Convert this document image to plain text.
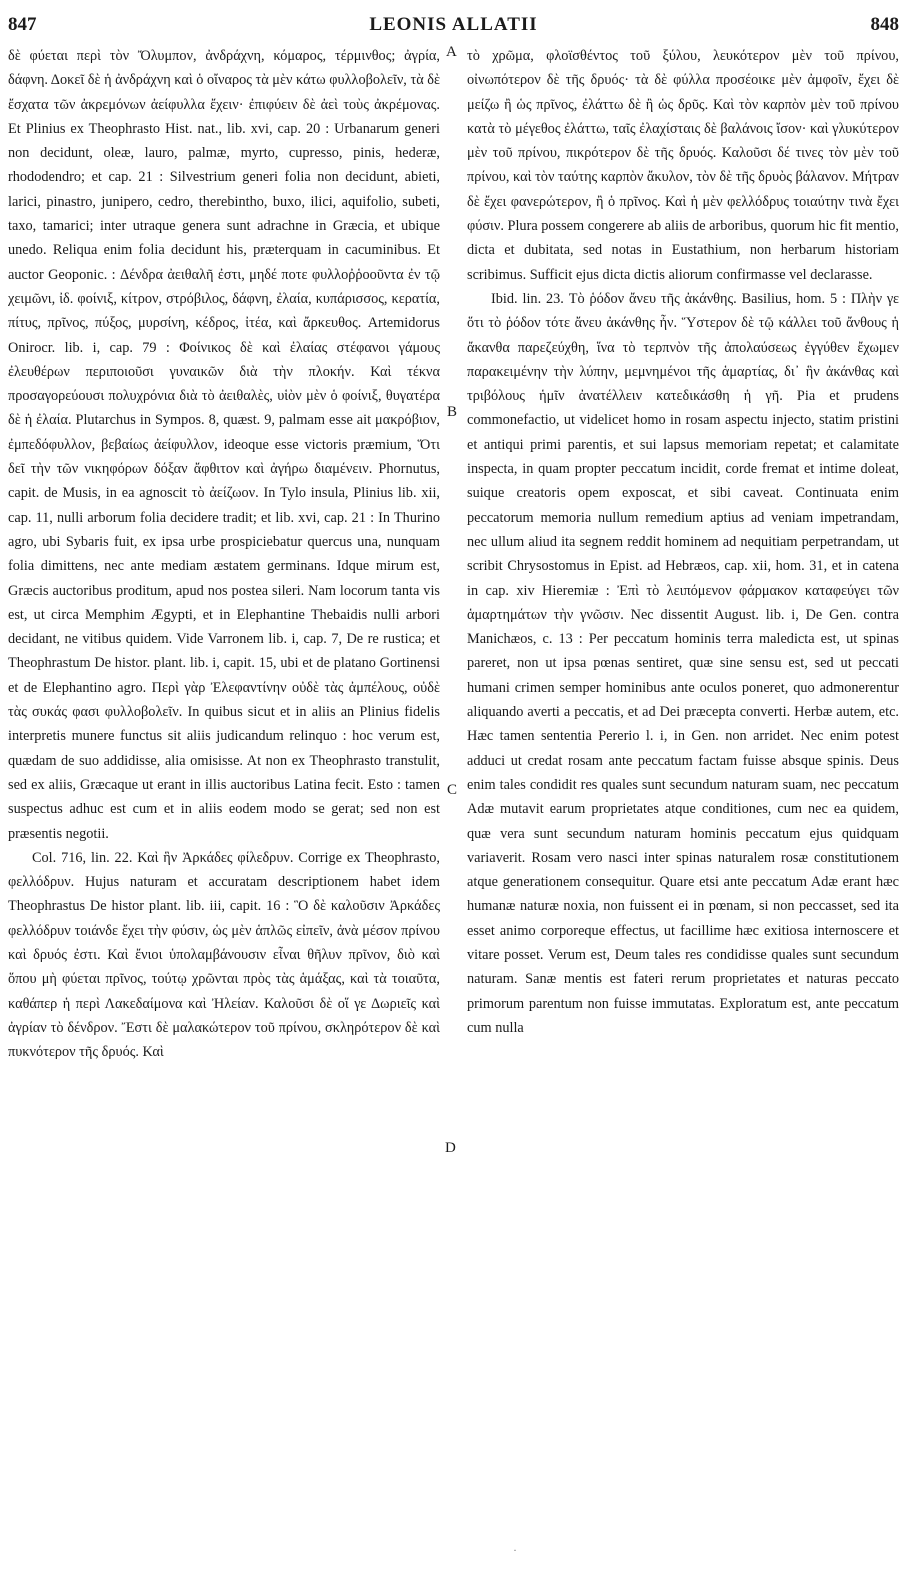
847	LEONIS ALLATII	848

δὲ φύεται περὶ τὸν Ὄλυμπον, ἀνδράχνη, κόμαρος, τέρμινθος; ἀγρία, δάφνη. Δοκεῖ δὲ ἡ ἀνδράχνη καὶ ὁ οἴναρος τὰ μὲν κάτω φυλλοβολεῖν, τὰ δὲ ἔσχατα τῶν ἀκρεμόνων ἀείφυλλα ἔχειν· ἐπιφύειν δὲ ἀεὶ τοὺς ἀκρέμονας. Et Plinius ex Theophrasto Hist. nat., lib. xvi, cap. 20 : Urbanarum generi non decidunt, oleæ, lauro, palmæ, myrto, cupresso, pinis, hederæ, rhododendro; et cap. 21 : Silvestrium generi folia non decidunt, abieti, larici, pinastro, junipero, cedro, therebintho, buxo, ilici, aquifolio, subeti, taxo, tamarici; inter utraque genera sunt adrachne in Græcia, et ubique unedo. Reliqua enim folia decidunt his, præterquam in cacuminibus. Et auctor Geoponic. : Δένδρα ἀειθαλῆ ἐστι, μηδέ ποτε φυλλοῤῥοοῦντα ἐν τῷ χειμῶνι, ἰδ. φοίνιξ, κίτρον, στρόβιλος, δάφνη, ἐλαία, κυπάρισσος, κερατία, πίτυς, πρῖνος, πύξος, μυρσίνη, κέδρος, ἰτέα, καὶ ἄρκευθος. Artemidorus Onirocr. lib. i, cap. 79 : Φοίνικος δὲ καὶ ἐλαίας στέφανοι γάμους ἐλευθέρων περιποιοῦσι γυναικῶν διὰ τὴν πλοκήν. Καὶ τέκνα προσαγορεύουσι πολυχρόνια διὰ τὸ ἀειθαλὲς, υἱὸν μὲν ὁ φοίνιξ, θυγατέρα δὲ ἡ ἐλαία. Plutarchus in Sympos. 8, quæst. 9, palmam esse ait μακρόβιον, ἐμπεδόφυλλον, βεβαίως ἀείφυλλον, ideoque esse victoris præmium, Ὅτι δεῖ τὴν τῶν νικηφόρων δόξαν ἄφθιτον καὶ ἀγήρω διαμένειν. Phornutus, capit. de Musis, in ea agnoscit τὸ ἀείζωον. In Tylo insula, Plinius lib. xii, cap. 11, nulli arborum folia decidere tradit; et lib. xvi, cap. 21 : In Thurino agro, ubi Sybaris fuit, ex ipsa urbe prospiciebatur quercus una, nunquam folia dimittens, nec ante mediam æstatem germinans. Idque mirum est, Græcis auctoribus proditum, apud nos postea sileri. Nam locorum tanta vis est, ut circa Memphim Ægypti, et in Elephantine Thebaidis nulli arbori decidant, ne vitibus quidem. Vide Varronem lib. i, cap. 7, De re rustica; et Theophrastum De histor. plant. lib. i, capit. 15, ubi et de platano Gortinensi et de Elephantino agro. Περὶ γὰρ Ἐλεφαντίνην οὐδὲ τὰς ἀμπέλους, οὐδὲ τὰς συκάς φασι φυλλοβολεῖν. In quibus sicut et in aliis an Plinius fidelis interpretis munere functus sit aliis judicandum relinquo : hoc verum est, quædam de suo addidisse, alia omisisse. At non ex Theophrasto transtulit, sed ex aliis, Græcaque ut erant in illis auctoribus Latina fecit. Esto : tamen suspectus adhuc est cum et in aliis eodem modo se gerat; sed non est præsentis negotii.

Col. 716, lin. 22. Καὶ ἣν Ἀρκάδες φίλεδρυν. Corrige ex Theophrasto, φελλόδρυν. Hujus naturam et accuratam descriptionem habet idem Theophrastus De histor plant. lib. iii, capit. 16 : Ὃ δὲ καλοῦσιν Ἀρκάδες φελλόδρυν τοιάνδε ἔχει τὴν φύσιν, ὡς μὲν ἁπλῶς εἰπεῖν, ἀνὰ μέσον πρίνου καὶ δρυός ἐστι. Καὶ ἔνιοι ὑπολαμβάνουσιν εἶναι θῆλυν πρῖνον, διὸ καὶ ὅπου μὴ φύεται πρῖνος, τούτῳ χρῶνται πρὸς τὰς ἁμάξας, καὶ τὰ τοιαῦτα, καθάπερ ἡ περὶ Λακεδαίμονα καὶ Ἠλείαν. Καλοῦσι δὲ οἵ γε Δωριεῖς καὶ ἀγρίαν τὸ δένδρον. Ἔστι δὲ μαλακώτερον τοῦ πρίνου, σκληρότερον δὲ καὶ πυκνότερον τῆς δρυός. Καὶ

A
B
C
D

τὸ χρῶμα, φλοϊσθέντος τοῦ ξύλου, λευκότερον μὲν τοῦ πρίνου, οἰνωπότερον δὲ τῆς δρυός· τὰ δὲ φύλλα προσέοικε μὲν ἀμφοῖν, ἔχει δὲ μείζω ἢ ὡς πρῖνος, ἐλάττω δὲ ἢ ὡς δρῦς. Καὶ τὸν καρπὸν μὲν τοῦ πρίνου κατὰ τὸ μέγεθος ἐλάττω, ταῖς ἐλαχίσταις δὲ βαλάνοις ἴσον· καὶ γλυκύτερον μὲν τοῦ πρίνου, πικρότερον δὲ τῆς δρυός. Καλοῦσι δέ τινες τὸν μὲν τοῦ πρίνου, καὶ τὸν ταύτης καρπὸν ἄκυλον, τὸν δὲ τῆς δρυὸς βάλανον. Μήτραν δὲ ἔχει φανερώτερον, ἢ ὁ πρῖνος. Καὶ ἡ μὲν φελλόδρυς τοιαύτην τινὰ ἔχει φύσιν. Plura possem congerere ab aliis de arboribus, quorum hic fit mentio, dicta et dubitata, sed notas in Eustathium, non herbarum historiam scribimus. Sufficit ejus dicta dictis aliorum confirmasse vel declarasse.

Ibid. lin. 23. Τὸ ῥόδον ἄνευ τῆς ἀκάνθης. Basilius, hom. 5 : Πλὴν γε ὅτι τὸ ῥόδον τότε ἄνευ ἀκάνθης ἦν. Ὕστερον δὲ τῷ κάλλει τοῦ ἄνθους ἡ ἄκανθα παρεζεύχθη, ἵνα τὸ τερπνὸν τῆς ἀπολαύσεως ἐγγύθεν ἔχωμεν παρακειμένην τὴν λύπην, μεμνημένοι τῆς ἁμαρτίας, δι᾽ ἣν ἀκάνθας καὶ τριβόλους ἡμῖν ἀνατέλλειν κατεδικάσθη ἡ γῆ. Pia et prudens commonefactio, ut videlicet homo in rosam aspectu injecto, statim pristini et antiqui primi parentis, et sui lapsus memoriam repetat; et calamitate inspecta, in quam propter peccatum incidit, corde fremat et intime doleat, suique creatoris opem exposcat, et sibi caveat. Continuata enim peccatorum memoria nullum remedium aptius ad veniam impetrandam, nec ullum aliud ita segnem reddit hominem ad nequitiam perpetrandam, ut scribit Chrysostomus in Epist. ad Hebræos, cap. xii, hom. 31, et in catena in cap. xiv Hieremiæ : Ἐπὶ τὸ λειπόμενον φάρμακον καταφεύγει τῶν ἁμαρτημάτων τὴν γνῶσιν. Nec dissentit August. lib. i, De Gen. contra Manichæos, c. 13 : Per peccatum hominis terra maledicta est, ut spinas pareret, non ut ipsa pœnas sentiret, quæ sine sensu est, sed ut peccati humani crimen semper hominibus ante oculos poneret, quo admonerentur aliquando averti a peccatis, et ad Dei præcepta converti. Herbæ autem, etc. Hæc tamen sententia Pererio l. i, in Gen. non arridet. Nec enim potest adduci ut credat rosam ante peccatum factam fuisse absque spinis. Deus enim tales condidit res quales sunt secundum naturam suam, nec peccatum Adæ mutavit earum proprietates atque conditiones, cum nec ea quidem, quæ vera sunt secundum naturam hominis peccatum ejus quidquam variaverit. Rosam vero nasci inter spinas naturalem rosæ constitutionem atque generationem consequitur. Quare etsi ante peccatum Adæ erant hæc humanæ naturæ noxia, non fuissent ei in pœnam, si non peccasset, sed ita esset animo corporeque effectus, ut facillime hæc exitiosa internoscere et vitare posset. Verum est, Deum tales res condidisse quales sunt secundum naturam. Sanæ mentis est fateri rerum proprietates et naturas peccato primorum parentum non fuisse immutatas. Exploratum est, ante peccatum cum nulla

˙
